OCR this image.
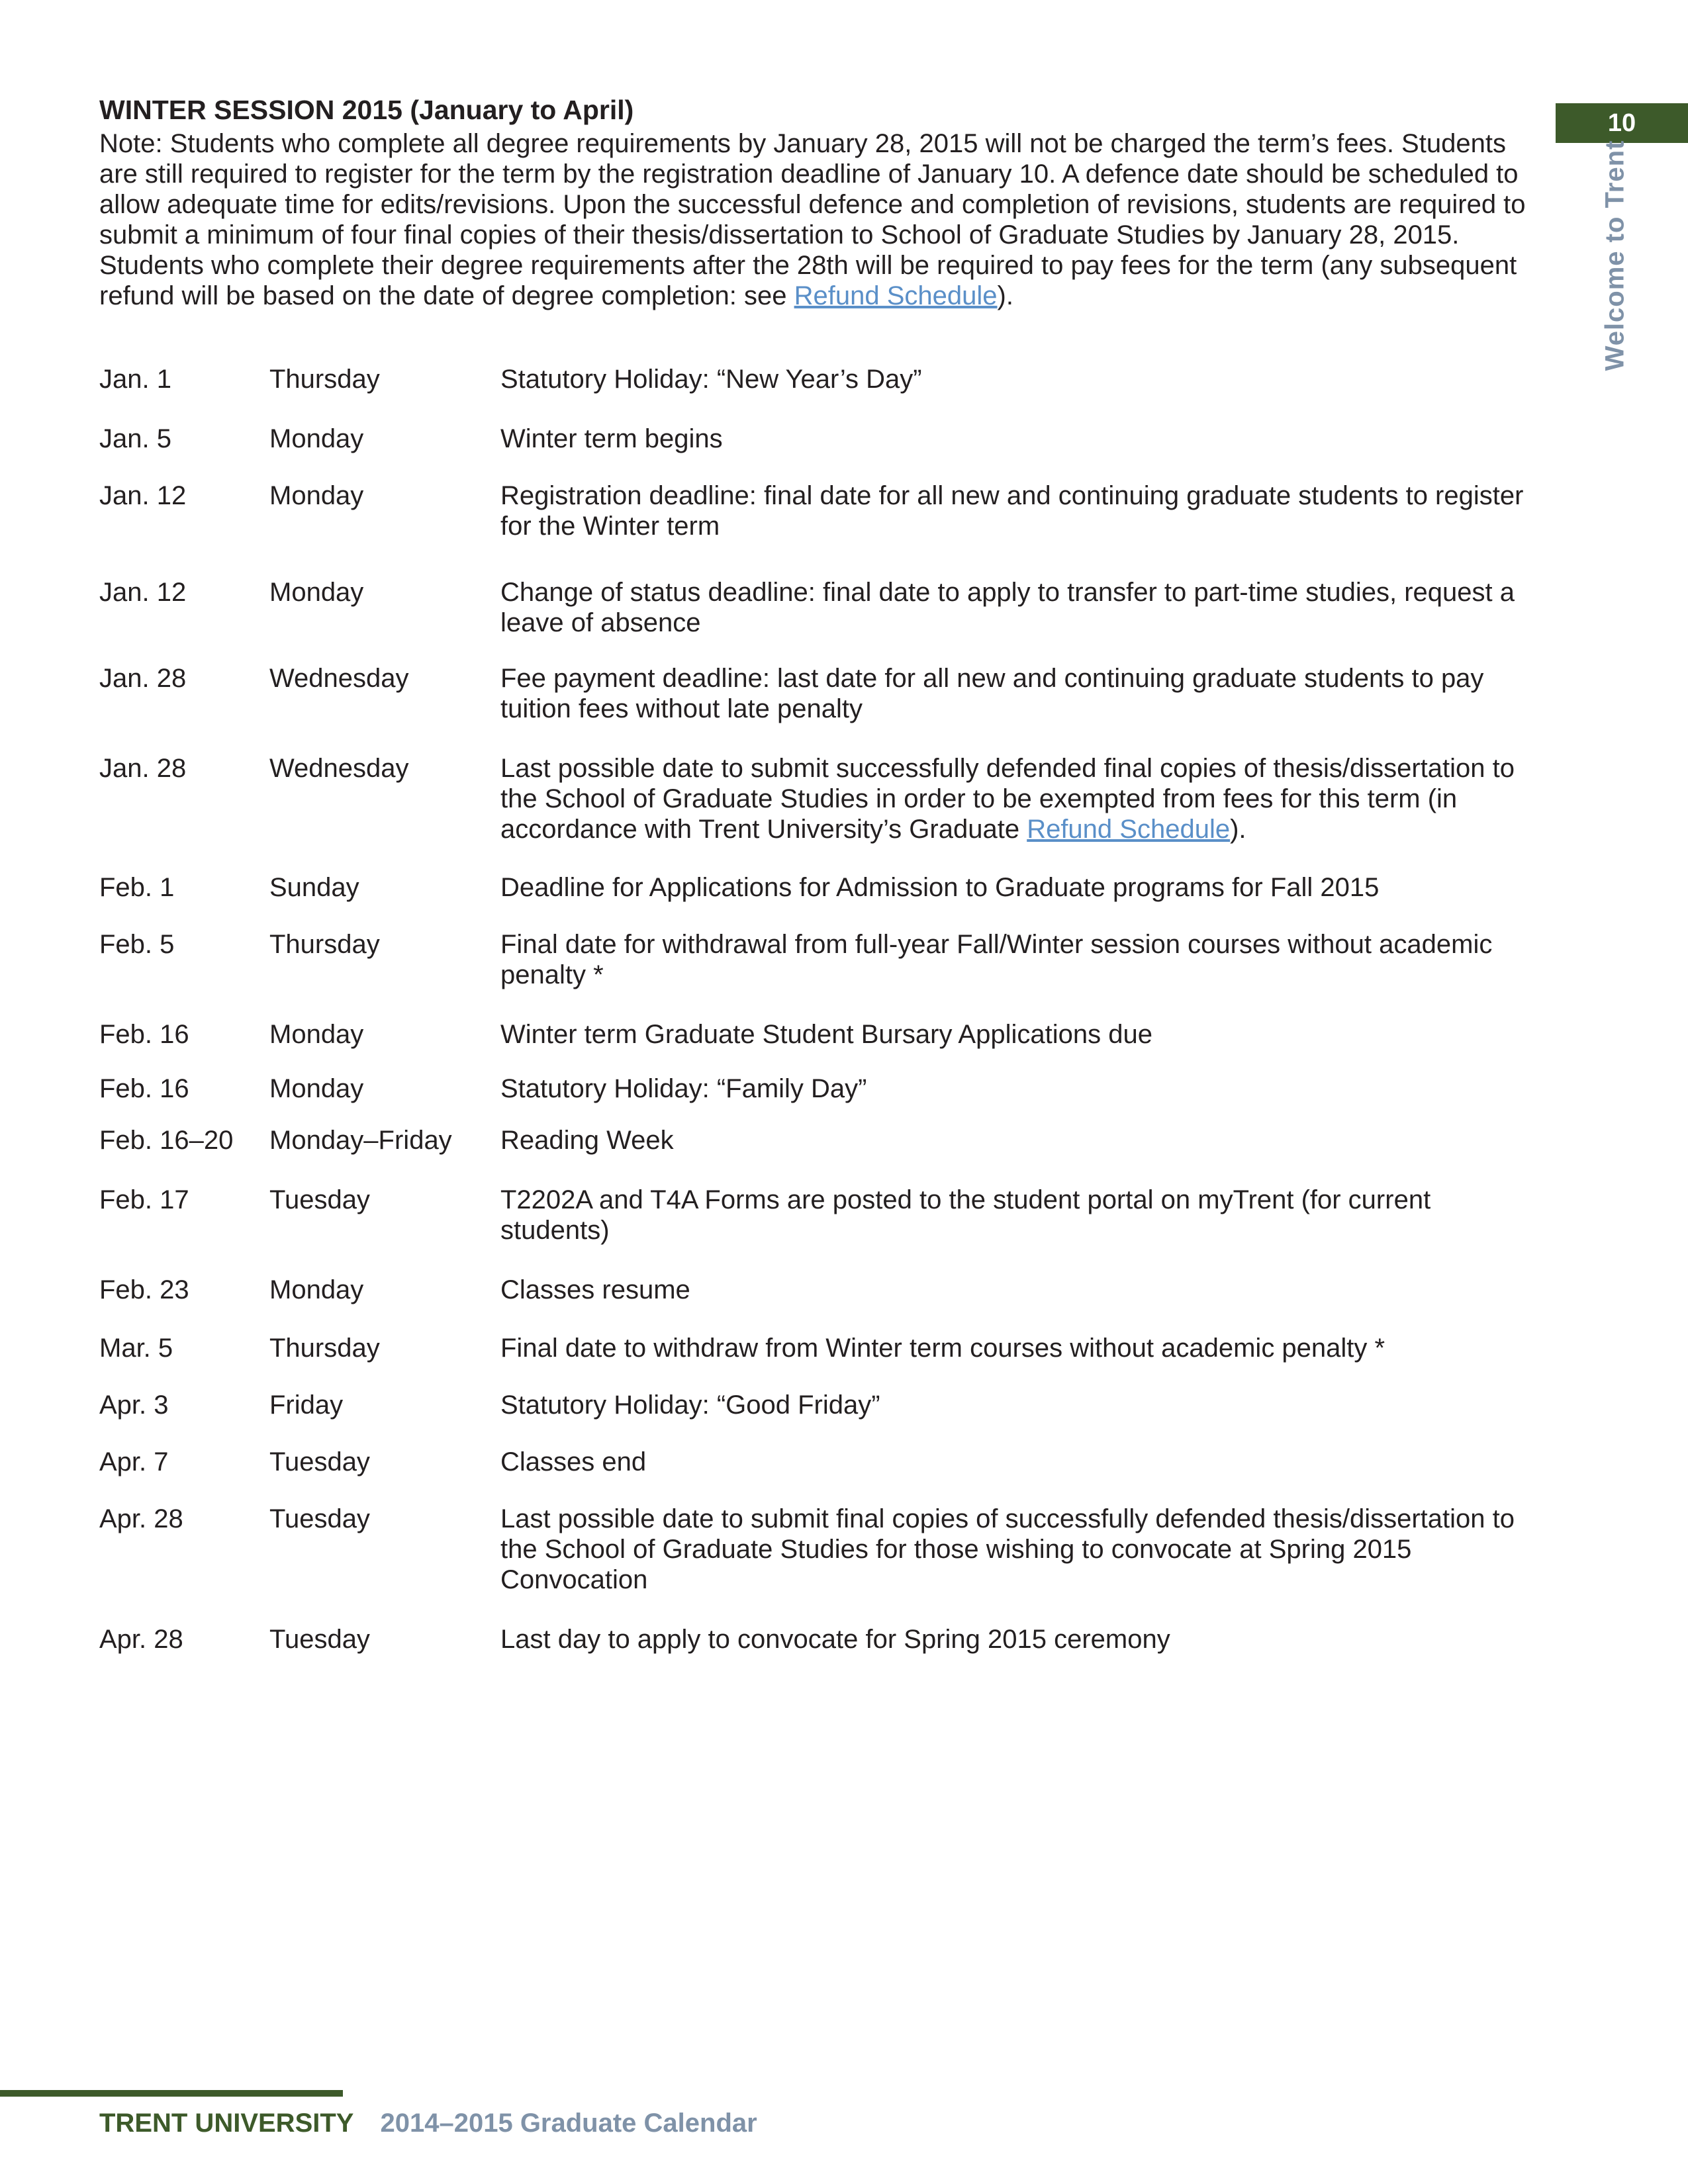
10
Welcome to Trent
WINTER SESSION 2015 (January to April)

Note: Students who complete all degree requirements by January 28, 2015 will not be charged the term’s fees. Students are still required to register for the term by the registration deadline of January 10. A defence date should be scheduled to allow adequate time for edits/revisions. Upon the successful defence and completion of revisions, students are required to submit a minimum of four final copies of their thesis/dissertation to School of Graduate Studies by January 28, 2015. Students who complete their degree requirements after the 28th will be required to pay fees for the term (any subsequent refund will be based on the date of degree completion: see Refund Schedule).

Jan. 1	Thursday	Statutory Holiday: “New Year’s Day”
Jan. 5	Monday	Winter term begins
Jan. 12	Monday	Registration deadline: final date for all new and continuing graduate students to register for the Winter term
Jan. 12	Monday	Change of status deadline: final date to apply to transfer to part-time studies, request a leave of absence
Jan. 28	Wednesday	Fee payment deadline: last date for all new and continuing graduate students to pay tuition fees without late penalty
Jan. 28	Wednesday	Last possible date to submit successfully defended final copies of thesis/dissertation to the School of Graduate Studies in order to be exempted from fees for this term (in accordance with Trent University’s Graduate Refund Schedule).
Feb. 1	Sunday	Deadline for Applications for Admission to Graduate programs for Fall 2015
Feb. 5	Thursday	Final date for withdrawal from full-year Fall/Winter session courses without academic penalty *
Feb. 16	Monday	Winter term Graduate Student Bursary Applications due
Feb. 16	Monday	Statutory Holiday: “Family Day”
Feb. 16–20	Monday–Friday	Reading Week
Feb. 17	Tuesday	T2202A and T4A Forms are posted to the student portal on myTrent (for current students)
Feb. 23	Monday	Classes resume
Mar. 5	Thursday	Final date to withdraw from Winter term courses without academic penalty *
Apr. 3	Friday	Statutory Holiday: “Good Friday”
Apr. 7	Tuesday	Classes end
Apr. 28	Tuesday	Last possible date to submit final copies of successfully defended thesis/dissertation to the School of Graduate Studies for those wishing to convocate at Spring 2015 Convocation
Apr. 28	Tuesday	Last day to apply to convocate for Spring 2015 ceremony
TRENT UNIVERSITY 2014–2015 Graduate Calendar
